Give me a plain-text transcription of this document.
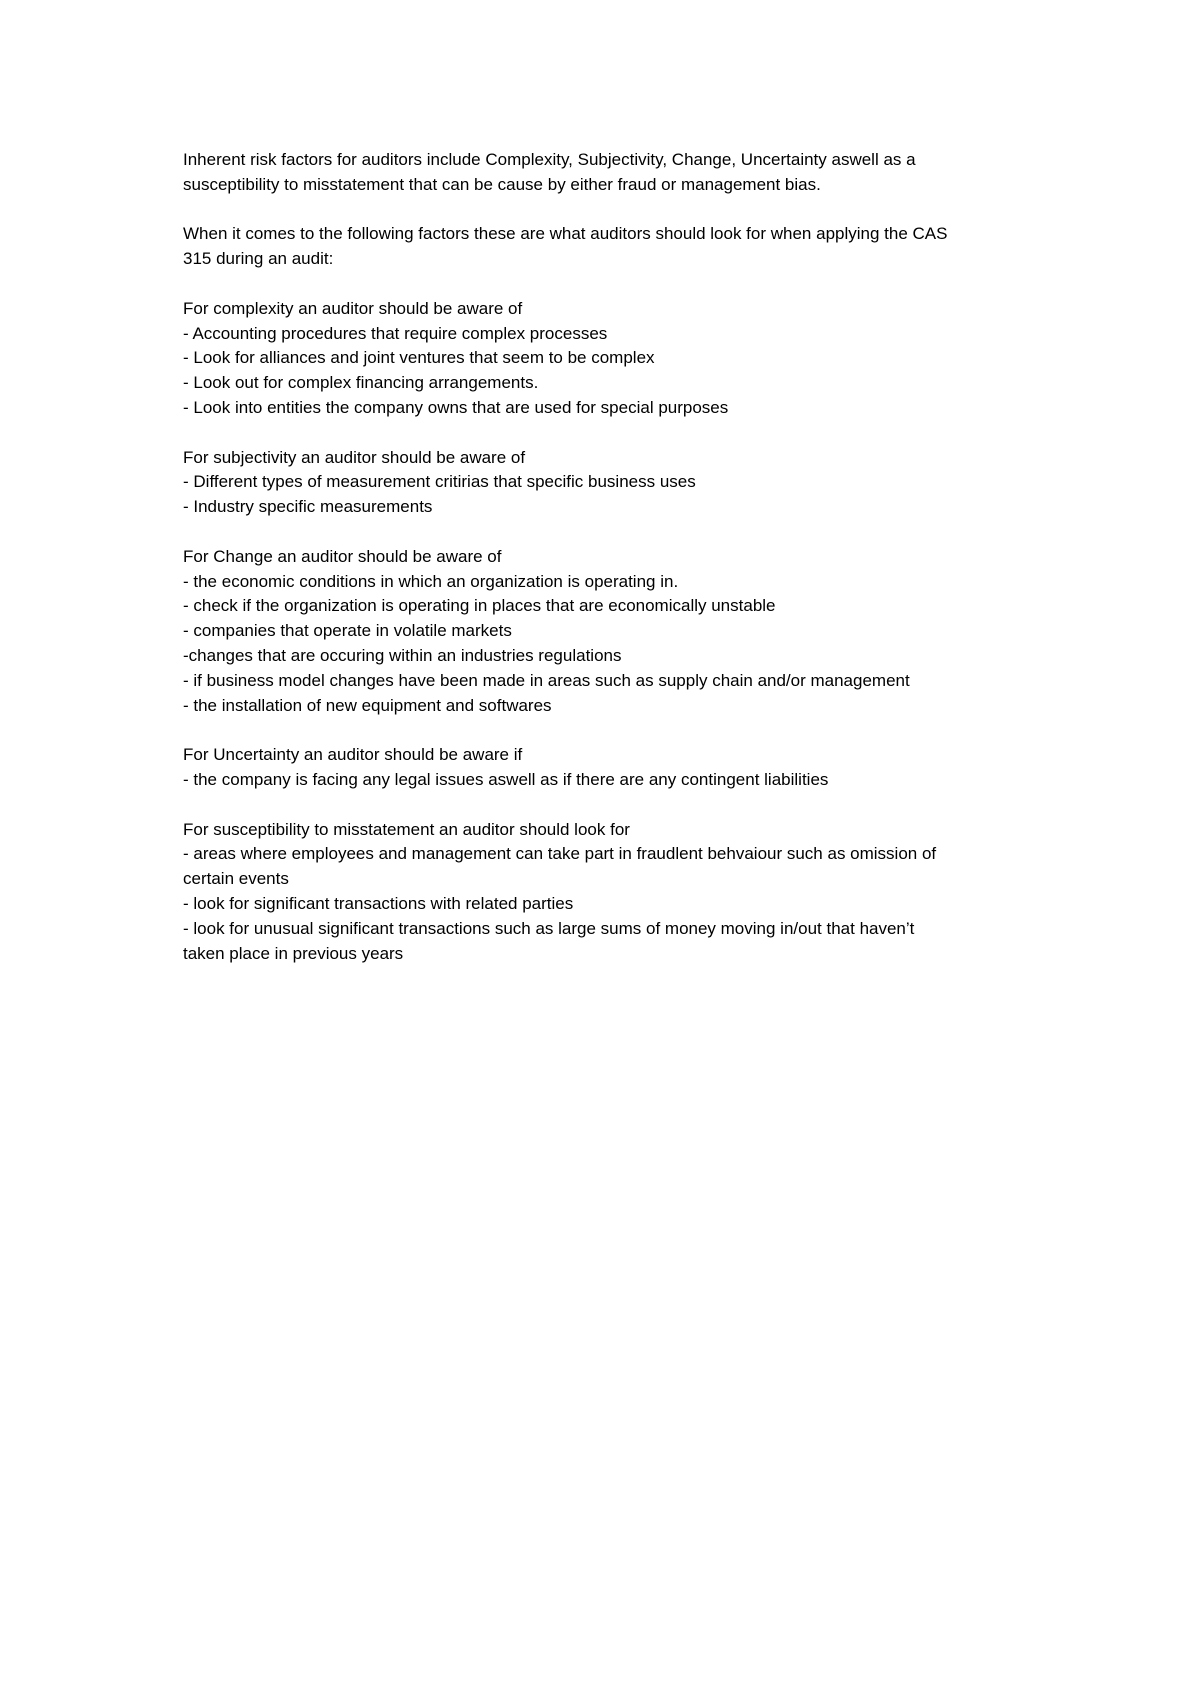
Inherent risk factors for auditors include Complexity, Subjectivity, Change, Uncertainty aswell as a
susceptibility to misstatement that can be cause by either fraud or management bias.
When it comes to the following factors these are what auditors should look for when applying the CAS
315 during an audit:
For complexity an auditor should be aware of
- Accounting procedures that require complex processes
- Look for alliances and joint ventures that seem to be complex
- Look out for complex financing arrangements.
- Look into entities the company owns that are used for special purposes
For subjectivity an auditor should be aware of
- Different types of measurement critirias that specific business uses
- Industry specific measurements
For Change an auditor should be aware of
- the economic conditions in which an organization is operating in.
- check if the organization is operating in places that are economically unstable
- companies that operate in volatile markets
-changes that are occuring within an industries regulations
- if business model changes have been made in areas such as supply chain and/or management
- the installation of new equipment and softwares
For Uncertainty an auditor should be aware if
- the company is facing any legal issues aswell as if there are any contingent liabilities
For susceptibility to misstatement an auditor should look for
- areas where employees and management can take part in fraudlent behvaiour such as omission of
certain events
- look for significant transactions with related parties
- look for unusual significant transactions such as large sums of money moving in/out that haven’t
taken place in previous years
